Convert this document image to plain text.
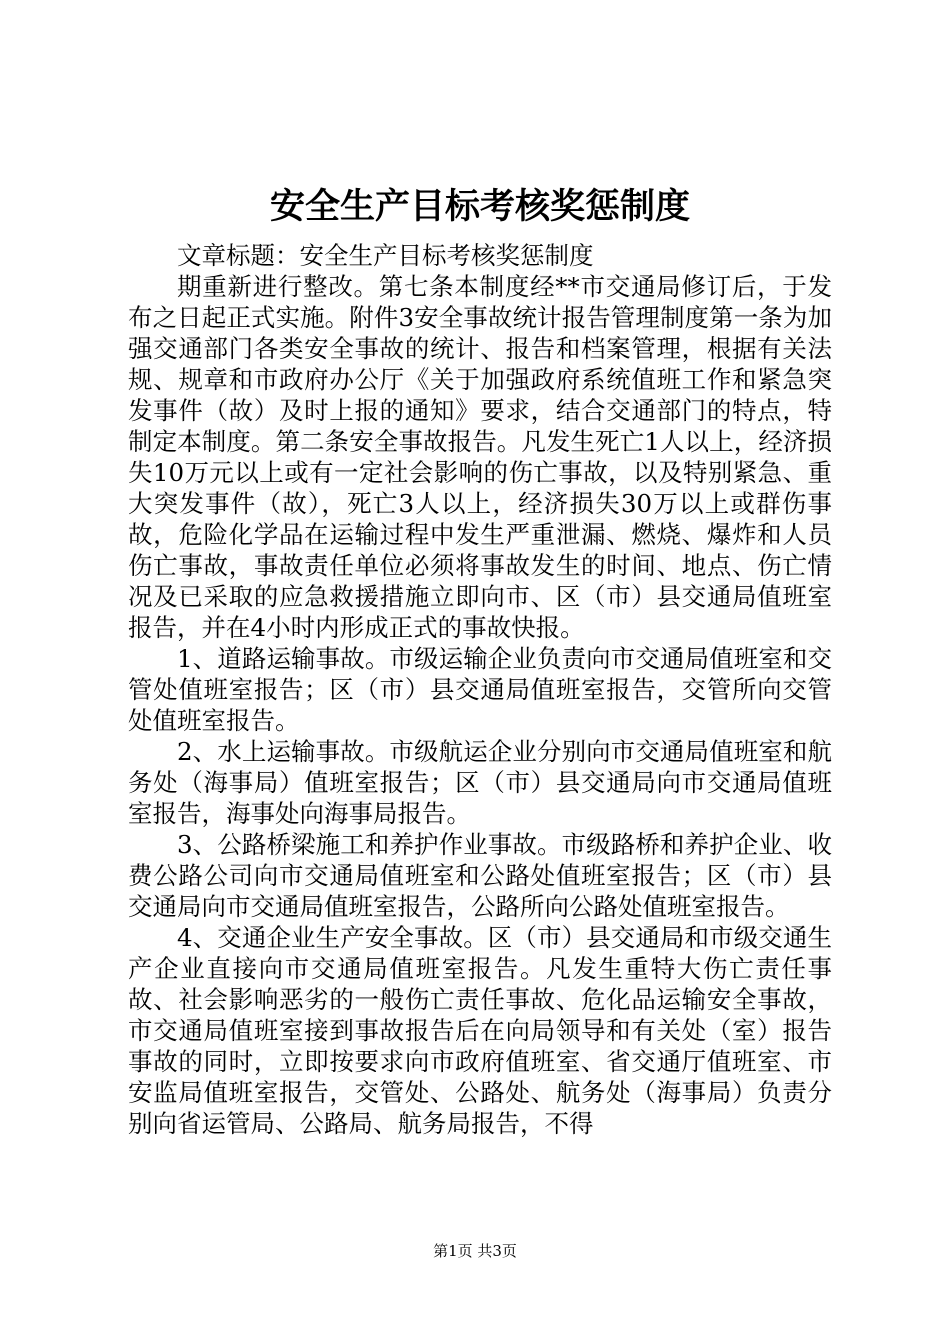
安全生产目标考核奖惩制度

文章标题：安全生产目标考核奖惩制度

期重新进行整改。第七条本制度经**市交通局修订后，于发布之日起正式实施。附件3安全事故统计报告管理制度第一条为加强交通部门各类安全事故的统计、报告和档案管理，根据有关法规、规章和市政府办公厅《关于加强政府系统值班工作和紧急突发事件（故）及时上报的通知》要求，结合交通部门的特点，特制定本制度。第二条安全事故报告。凡发生死亡1人以上，经济损失10万元以上或有一定社会影响的伤亡事故，以及特别紧急、重大突发事件（故），死亡3人以上，经济损失30万以上或群伤事故，危险化学品在运输过程中发生严重泄漏、燃烧、爆炸和人员伤亡事故，事故责任单位必须将事故发生的时间、地点、伤亡情况及已采取的应急救援措施立即向市、区（市）县交通局值班室报告，并在4小时内形成正式的事故快报。

1、道路运输事故。市级运输企业负责向市交通局值班室和交管处值班室报告；区（市）县交通局值班室报告，交管所向交管处值班室报告。

2、水上运输事故。市级航运企业分别向市交通局值班室和航务处（海事局）值班室报告；区（市）县交通局向市交通局值班室报告，海事处向海事局报告。

3、公路桥梁施工和养护作业事故。市级路桥和养护企业、收费公路公司向市交通局值班室和公路处值班室报告；区（市）县交通局向市交通局值班室报告，公路所向公路处值班室报告。

4、交通企业生产安全事故。区（市）县交通局和市级交通生产企业直接向市交通局值班室报告。凡发生重特大伤亡责任事故、社会影响恶劣的一般伤亡责任事故、危化品运输安全事故，市交通局值班室接到事故报告后在向局领导和有关处（室）报告事故的同时，立即按要求向市政府值班室、省交通厅值班室、市安监局值班室报告，交管处、公路处、航务处（海事局）负责分别向省运管局、公路局、航务局报告，不得

第1页 共3页
